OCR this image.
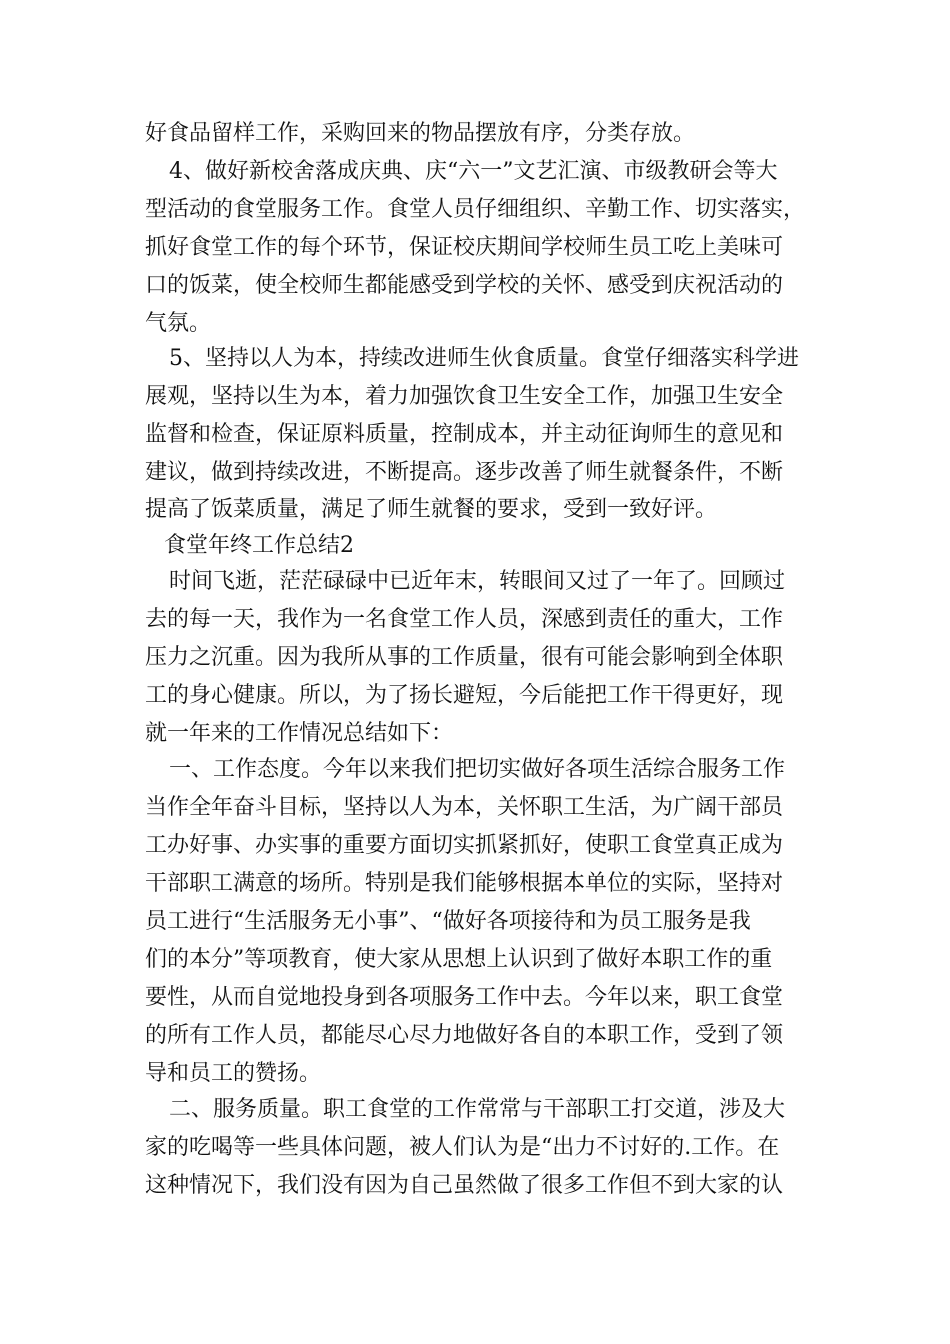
好食品留样工作，采购回来的物品摆放有序，分类存放。
4、做好新校舍落成庆典、庆“六一”文艺汇演、市级教研会等大
型活动的食堂服务工作。食堂人员仔细组织、辛勤工作、切实落实，
抓好食堂工作的每个环节，保证校庆期间学校师生员工吃上美味可
口的饭菜，使全校师生都能感受到学校的关怀、感受到庆祝活动的
气氛。
5、坚持以人为本，持续改进师生伙食质量。食堂仔细落实科学进
展观，坚持以生为本，着力加强饮食卫生安全工作，加强卫生安全
监督和检查，保证原料质量，控制成本，并主动征询师生的意见和
建议，做到持续改进，不断提高。逐步改善了师生就餐条件，不断
提高了饭菜质量，满足了师生就餐的要求，受到一致好评。
食堂年终工作总结2
时间飞逝，茫茫碌碌中已近年末，转眼间又过了一年了。回顾过
去的每一天，我作为一名食堂工作人员，深感到责任的重大，工作
压力之沉重。因为我所从事的工作质量，很有可能会影响到全体职
工的身心健康。所以，为了扬长避短，今后能把工作干得更好，现
就一年来的工作情况总结如下：
一、工作态度。今年以来我们把切实做好各项生活综合服务工作
当作全年奋斗目标，坚持以人为本，关怀职工生活，为广阔干部员
工办好事、办实事的重要方面切实抓紧抓好，使职工食堂真正成为
干部职工满意的场所。特别是我们能够根据本单位的实际，坚持对
员工进行“生活服务无小事”、“做好各项接待和为员工服务是我
们的本分”等项教育，使大家从思想上认识到了做好本职工作的重
要性，从而自觉地投身到各项服务工作中去。今年以来，职工食堂
的所有工作人员，都能尽心尽力地做好各自的本职工作，受到了领
导和员工的赞扬。
二、服务质量。职工食堂的工作常常与干部职工打交道，涉及大
家的吃喝等一些具体问题，被人们认为是“出力不讨好的.工作。在
这种情况下，我们没有因为自己虽然做了很多工作但不到大家的认
